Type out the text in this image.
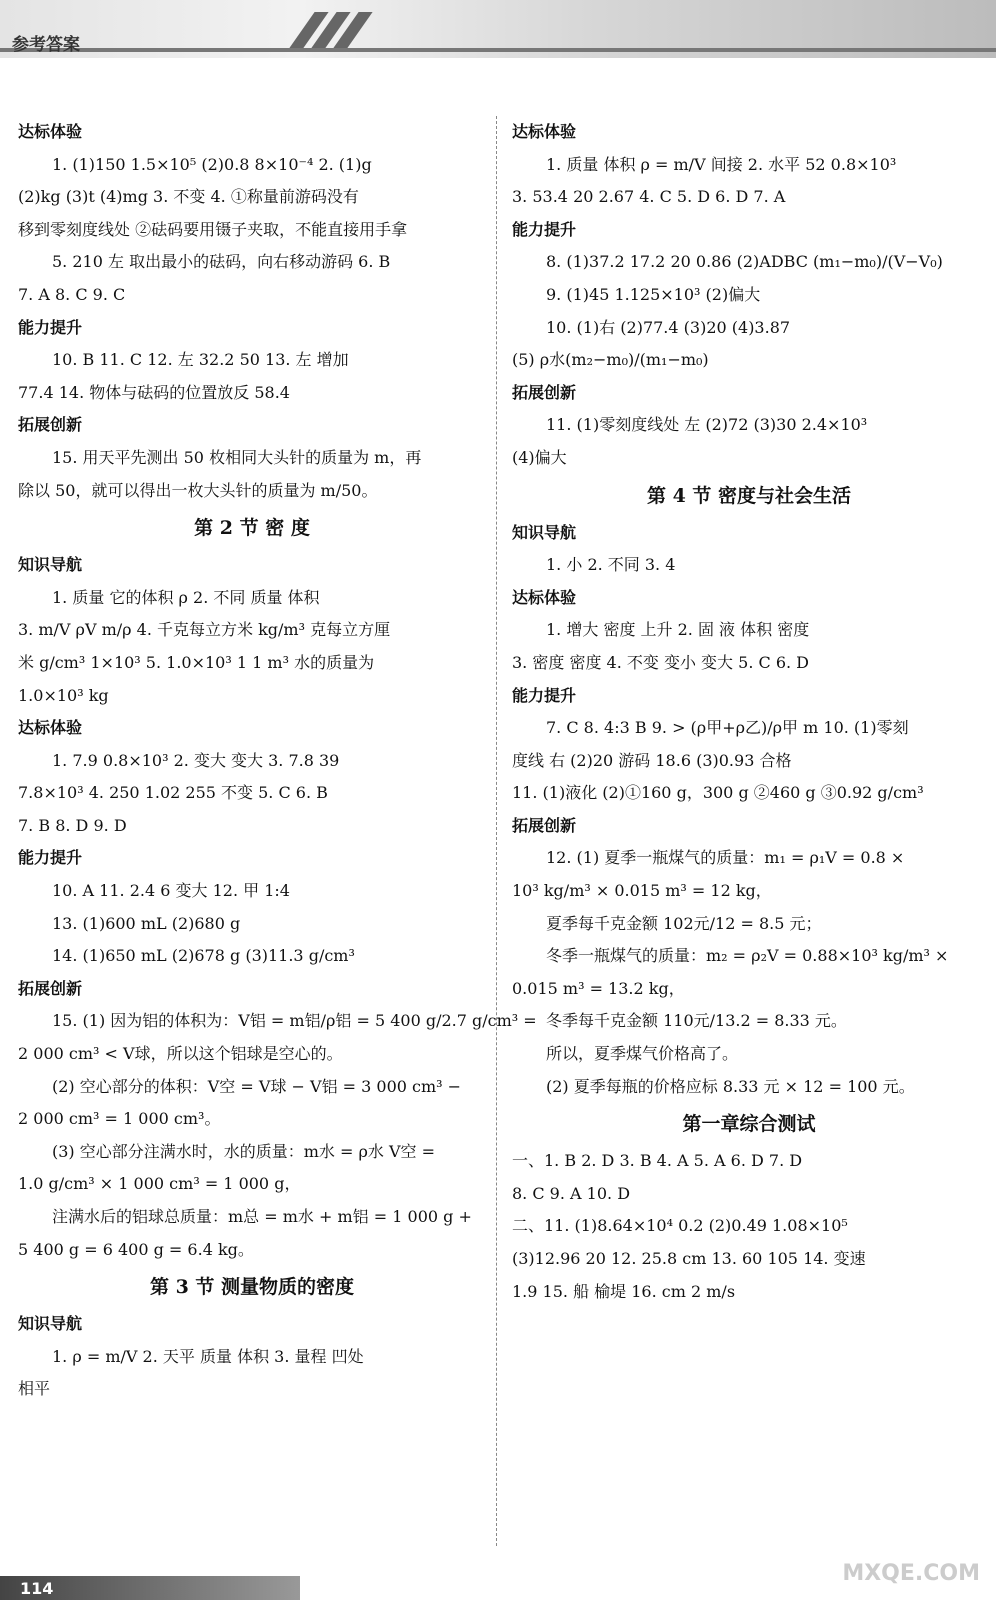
参考答案
达标体验
1. (1)150 1.5×10⁵ (2)0.8 8×10⁻⁴ 2. (1)g
(2)kg (3)t (4)mg 3. 不变 4. ①称量前游码没有
移到零刻度线处 ②砝码要用镊子夹取，不能直接用手拿
5. 210 左 取出最小的砝码，向右移动游码 6. B
7. A 8. C 9. C
能力提升
10. B 11. C 12. 左 32.2 50 13. 左 增加
77.4 14. 物体与砝码的位置放反 58.4
拓展创新
15. 用天平先测出 50 枚相同大头针的质量为 m，再
除以 50，就可以得出一枚大头针的质量为 m/50。
第 2 节 密 度
知识导航
1. 质量 它的体积 ρ 2. 不同 质量 体积
3. m/V ρV m/ρ 4. 千克每立方米 kg/m³ 克每立方厘
米 g/cm³ 1×10³ 5. 1.0×10³ 1 1 m³ 水的质量为
1.0×10³ kg
达标体验
1. 7.9 0.8×10³ 2. 变大 变大 3. 7.8 39
7.8×10³ 4. 250 1.02 255 不变 5. C 6. B
7. B 8. D 9. D
能力提升
10. A 11. 2.4 6 变大 12. 甲 1:4
13. (1)600 mL (2)680 g
14. (1)650 mL (2)678 g (3)11.3 g/cm³
拓展创新
15. (1) 因为铝的体积为：V铝 = m铝/ρ铝 = 5 400 g/2.7 g/cm³ =
2 000 cm³ < V球，所以这个铝球是空心的。
(2) 空心部分的体积：V空 = V球 − V铝 = 3 000 cm³ −
2 000 cm³ = 1 000 cm³。
(3) 空心部分注满水时，水的质量：m水 = ρ水 V空 =
1.0 g/cm³ × 1 000 cm³ = 1 000 g，
注满水后的铝球总质量：m总 = m水 + m铝 = 1 000 g +
5 400 g = 6 400 g = 6.4 kg。
第 3 节 测量物质的密度
知识导航
1. ρ = m/V 2. 天平 质量 体积 3. 量程 凹处
相平
达标体验
1. 质量 体积 ρ = m/V 间接 2. 水平 52 0.8×10³
3. 53.4 20 2.67 4. C 5. D 6. D 7. A
能力提升
8. (1)37.2 17.2 20 0.86 (2)ADBC (m₁−m₀)/(V−V₀)
9. (1)45 1.125×10³ (2)偏大
10. (1)右 (2)77.4 (3)20 (4)3.87
(5) ρ水(m₂−m₀)/(m₁−m₀)
拓展创新
11. (1)零刻度线处 左 (2)72 (3)30 2.4×10³
(4)偏大
第 4 节 密度与社会生活
知识导航
1. 小 2. 不同 3. 4
达标体验
1. 增大 密度 上升 2. 固 液 体积 密度
3. 密度 密度 4. 不变 变小 变大 5. C 6. D
能力提升
7. C 8. 4:3 B 9. > (ρ甲+ρ乙)/ρ甲 m 10. (1)零刻
度线 右 (2)20 游码 18.6 (3)0.93 合格
11. (1)液化 (2)①160 g，300 g ②460 g ③0.92 g/cm³
拓展创新
12. (1) 夏季一瓶煤气的质量：m₁ = ρ₁V = 0.8 ×
10³ kg/m³ × 0.015 m³ = 12 kg，
夏季每千克金额 102元/12 = 8.5 元；
冬季一瓶煤气的质量：m₂ = ρ₂V = 0.88×10³ kg/m³ ×
0.015 m³ = 13.2 kg，
冬季每千克金额 110元/13.2 = 8.33 元。
所以，夏季煤气价格高了。
(2) 夏季每瓶的价格应标 8.33 元 × 12 = 100 元。
第一章综合测试
一、1. B 2. D 3. B 4. A 5. A 6. D 7. D
8. C 9. A 10. D
二、11. (1)8.64×10⁴ 0.2 (2)0.49 1.08×10⁵
(3)12.96 20 12. 25.8 cm 13. 60 105 14. 变速
1.9 15. 船 榆堤 16. cm 2 m/s
114
MXQE.COM
